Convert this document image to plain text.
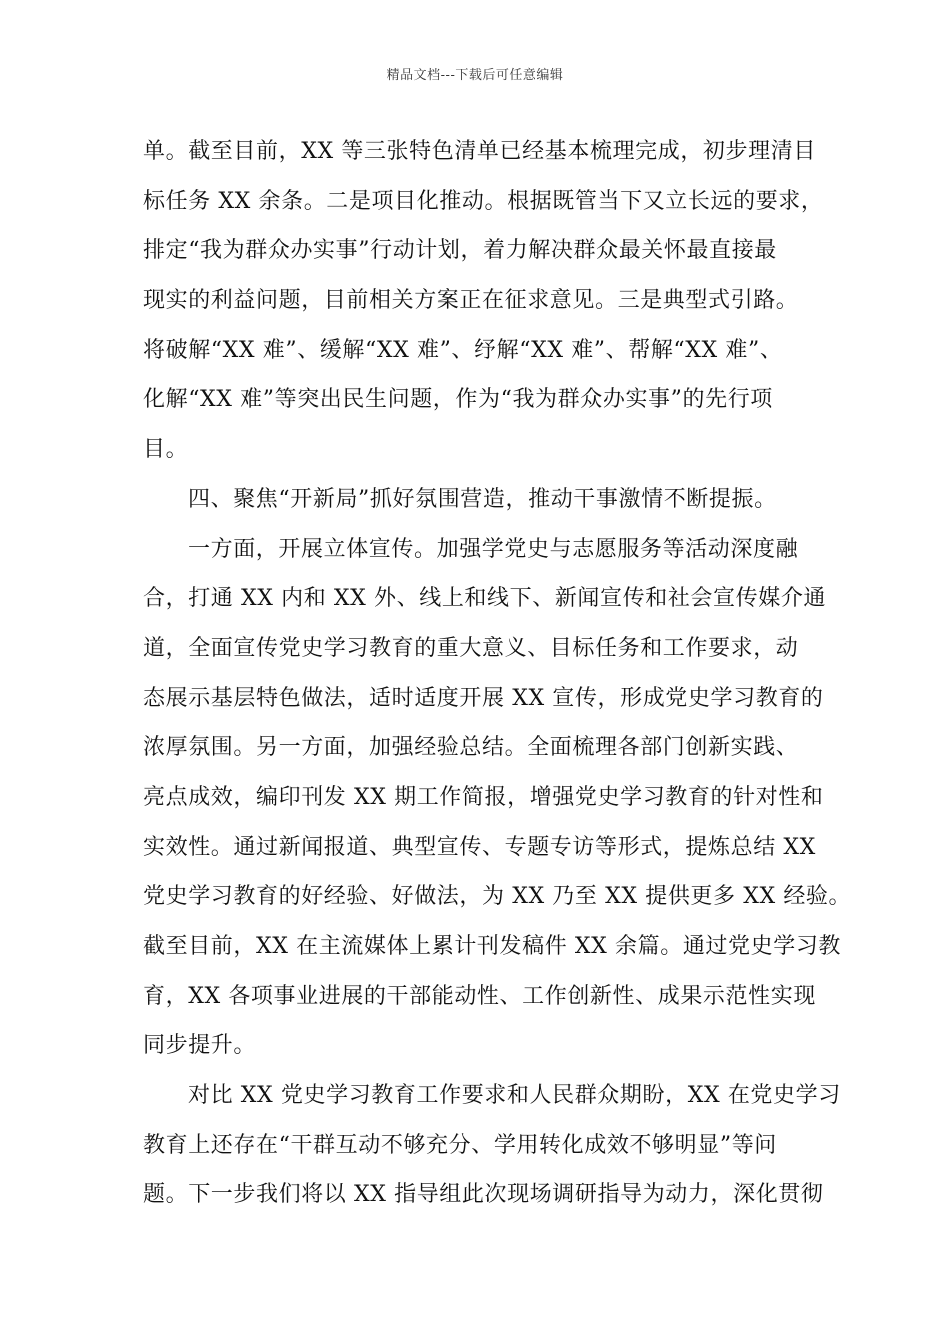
精品文档---下载后可任意编辑
单。截至目前，XX 等三张特色清单已经基本梳理完成，初步理清目
标任务 XX 余条。二是项目化推动。根据既管当下又立长远的要求，
排定“我为群众办实事”行动计划，着力解决群众最关怀最直接最
现实的利益问题，目前相关方案正在征求意见。三是典型式引路。
将破解“XX 难”、缓解“XX 难”、纾解“XX 难”、帮解“XX 难”、
化解“XX 难”等突出民生问题，作为“我为群众办实事”的先行项
目。
四、聚焦“开新局”抓好氛围营造，推动干事激情不断提振。
一方面，开展立体宣传。加强学党史与志愿服务等活动深度融
合，打通 XX 内和 XX 外、线上和线下、新闻宣传和社会宣传媒介通
道，全面宣传党史学习教育的重大意义、目标任务和工作要求，动
态展示基层特色做法，适时适度开展 XX 宣传，形成党史学习教育的
浓厚氛围。另一方面，加强经验总结。全面梳理各部门创新实践、
亮点成效，编印刊发 XX 期工作简报，增强党史学习教育的针对性和
实效性。通过新闻报道、典型宣传、专题专访等形式，提炼总结 XX
党史学习教育的好经验、好做法，为 XX 乃至 XX 提供更多 XX 经验。
截至目前，XX 在主流媒体上累计刊发稿件 XX 余篇。通过党史学习教
育，XX 各项事业进展的干部能动性、工作创新性、成果示范性实现
同步提升。
对比 XX 党史学习教育工作要求和人民群众期盼，XX 在党史学习
教育上还存在“干群互动不够充分、学用转化成效不够明显”等问
题。下一步我们将以 XX 指导组此次现场调研指导为动力，深化贯彻
